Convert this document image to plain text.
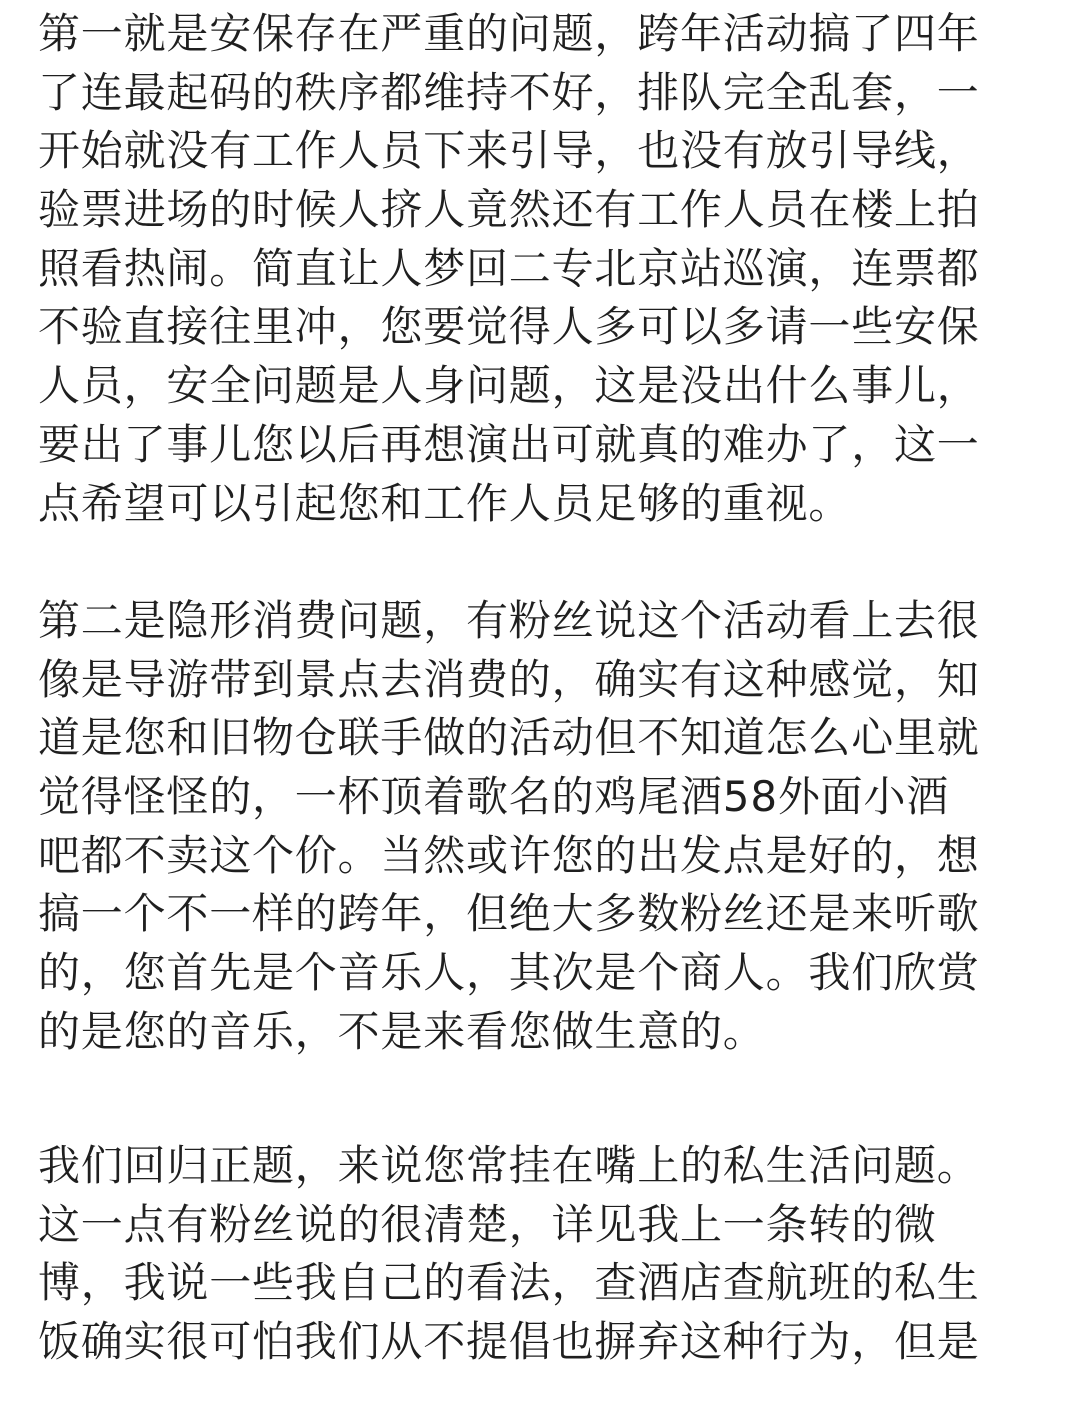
第一就是安保存在严重的问题，跨年活动搞了四年
了连最起码的秩序都维持不好，排队完全乱套，一
开始就没有工作人员下来引导，也没有放引导线，
验票进场的时候人挤人竟然还有工作人员在楼上拍
照看热闹。简直让人梦回二专北京站巡演，连票都
不验直接往里冲，您要觉得人多可以多请一些安保
人员，安全问题是人身问题，这是没出什么事儿，
要出了事儿您以后再想演出可就真的难办了，这一
点希望可以引起您和工作人员足够的重视。
第二是隐形消费问题，有粉丝说这个活动看上去很
像是导游带到景点去消费的，确实有这种感觉，知
道是您和旧物仓联手做的活动但不知道怎么心里就
觉得怪怪的，一杯顶着歌名的鸡尾酒58外面小酒
吧都不卖这个价。当然或许您的出发点是好的，想
搞一个不一样的跨年，但绝大多数粉丝还是来听歌
的，您首先是个音乐人，其次是个商人。我们欣赏
的是您的音乐，不是来看您做生意的。
我们回归正题，来说您常挂在嘴上的私生活问题。
这一点有粉丝说的很清楚，详见我上一条转的微
博，我说一些我自己的看法，查酒店查航班的私生
饭确实很可怕我们从不提倡也摒弃这种行为，但是
